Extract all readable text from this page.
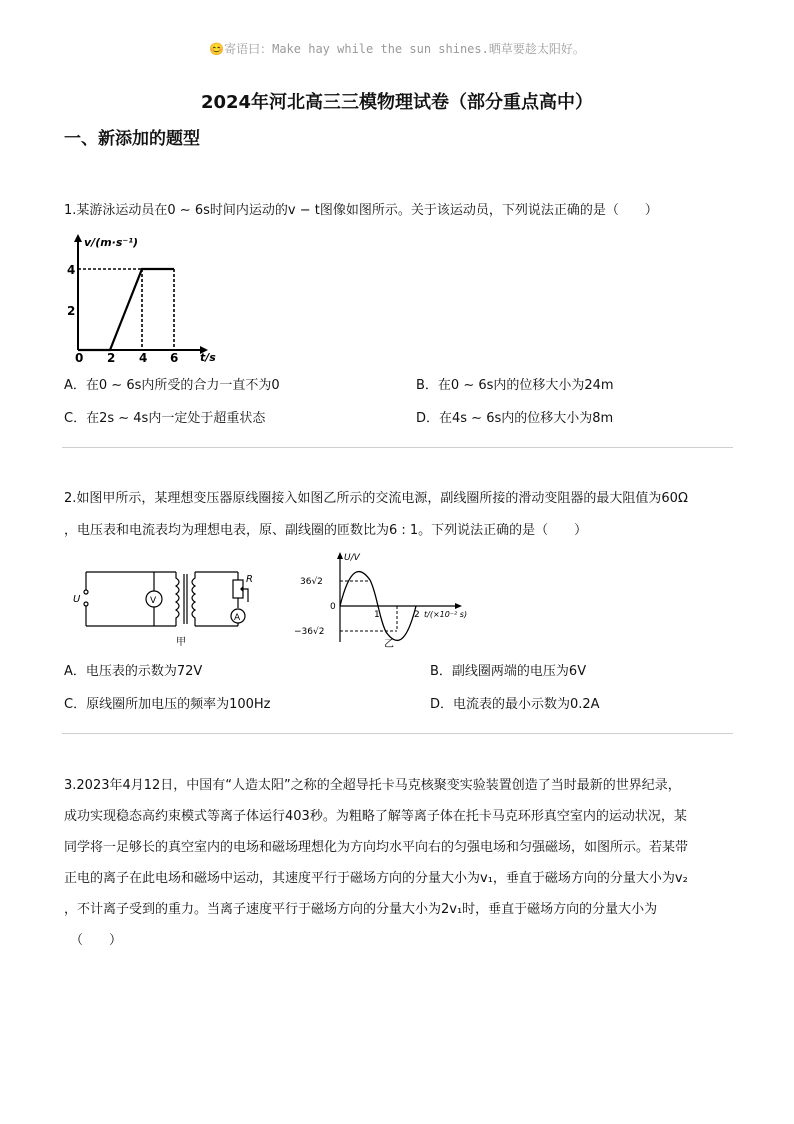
😊寄语曰：Make hay while the sun shines.晒草要趁太阳好。
2024年河北高三三模物理试卷（部分重点高中）
一、新添加的题型
1.某游泳运动员在0 ∼ 6s时间内运动的v − t图像如图所示。关于该运动员，下列说法正确的是（　　）
v/(m·s⁻¹)
t/s
0 2 4 6
2
4
A．在0 ∼ 6s内所受的合力一直不为0	B．在0 ∼ 6s内的位移大小为24m
C．在2s ∼ 4s内一定处于超重状态	D．在4s ∼ 6s内的位移大小为8m
2.如图甲所示，某理想变压器原线圈接入如图乙所示的交流电源，副线圈所接的滑动变阻器的最大阻值为60Ω
，电压表和电流表均为理想电表，原、副线圈的匝数比为6 : 1。下列说法正确的是（　　）
U	V
A
R
甲
U/V
36√2
0
−36√2
1	2 t/(×10⁻² s)
乙
A．电压表的示数为72V	B．副线圈两端的电压为6V
C．原线圈所加电压的频率为100Hz	D．电流表的最小示数为0.2A
3.2023年4月12日，中国有“人造太阳”之称的全超导托卡马克核聚变实验装置创造了当时最新的世界纪录，
成功实现稳态高约束模式等离子体运行403秒。为粗略了解等离子体在托卡马克环形真空室内的运动状况，某
同学将一足够长的真空室内的电场和磁场理想化为方向均水平向右的匀强电场和匀强磁场，如图所示。若某带
正电的离子在此电场和磁场中运动，其速度平行于磁场方向的分量大小为v₁，垂直于磁场方向的分量大小为v₂
，不计离子受到的重力。当离子速度平行于磁场方向的分量大小为2v₁时，垂直于磁场方向的分量大小为
（　　）
